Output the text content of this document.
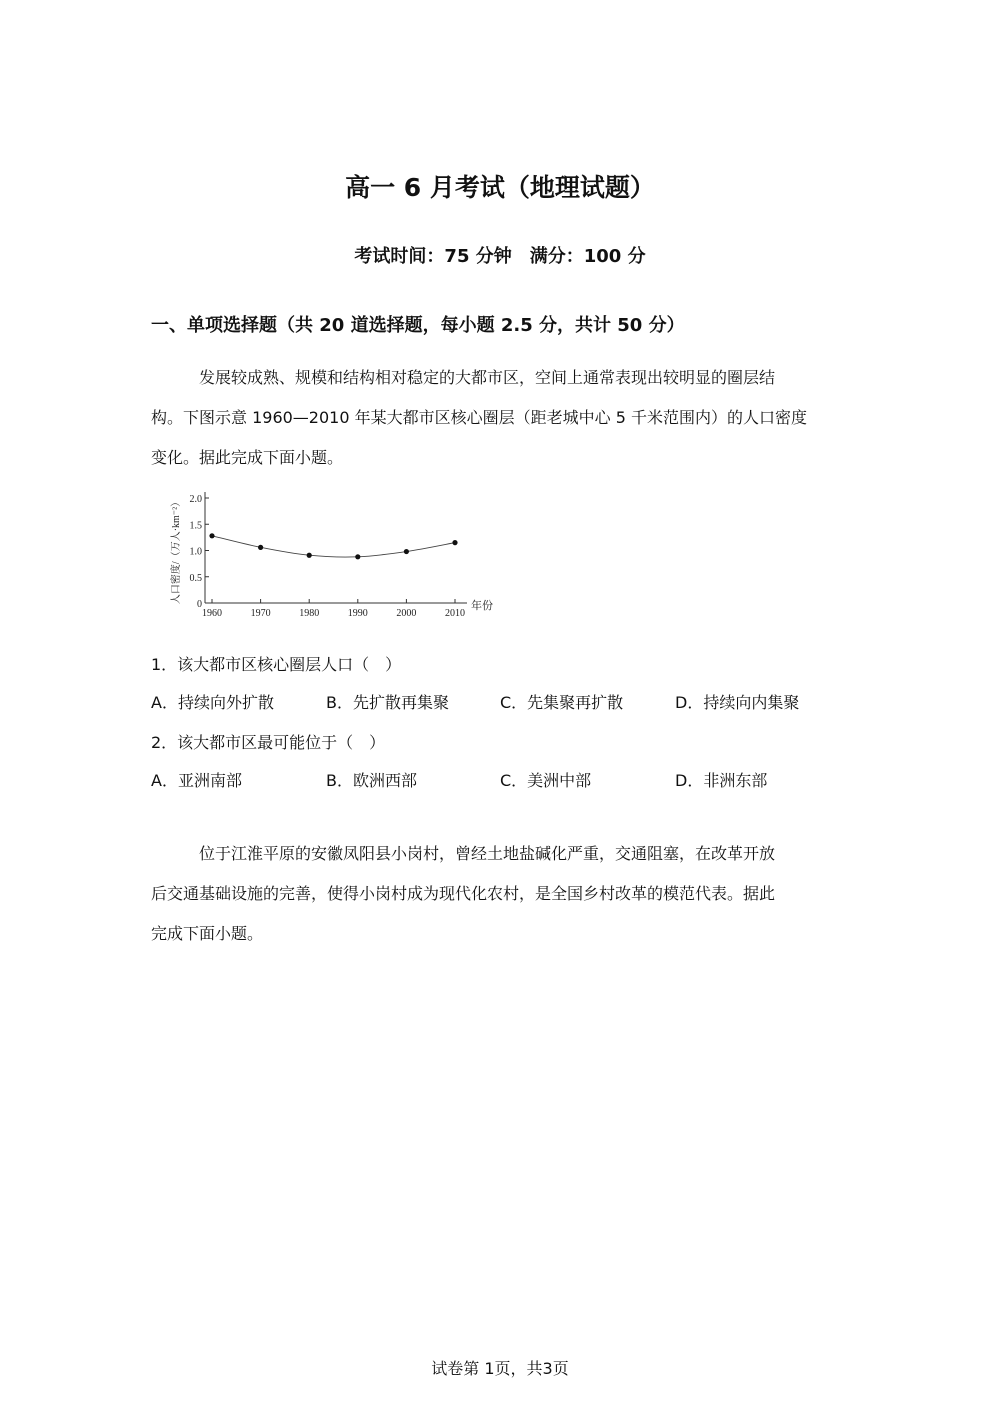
高一 6 月考试（地理试题）
考试时间：75 分钟　满分：100 分
一、单项选择题（共 20 道选择题，每小题 2.5 分，共计 50 分）
发展较成熟、规模和结构相对稳定的大都市区，空间上通常表现出较明显的圈层结
构。下图示意 1960—2010 年某大都市区核心圈层（距老城中心 5 千米范围内）的人口密度
变化。据此完成下面小题。
0
0.5
1.0
1.5
2.0
1960	1970	1980	1990	2000	2010
年份
人口密度/（万人·km⁻²）
1．该大都市区核心圈层人口（　）
A．持续向外扩散	B．先扩散再集聚	C．先集聚再扩散	D．持续向内集聚
2．该大都市区最可能位于（　）
A．亚洲南部	B．欧洲西部	C．美洲中部	D．非洲东部
位于江淮平原的安徽凤阳县小岗村，曾经土地盐碱化严重，交通阻塞，在改革开放
后交通基础设施的完善，使得小岗村成为现代化农村，是全国乡村改革的模范代表。据此
完成下面小题。
试卷第 1页，共3页
